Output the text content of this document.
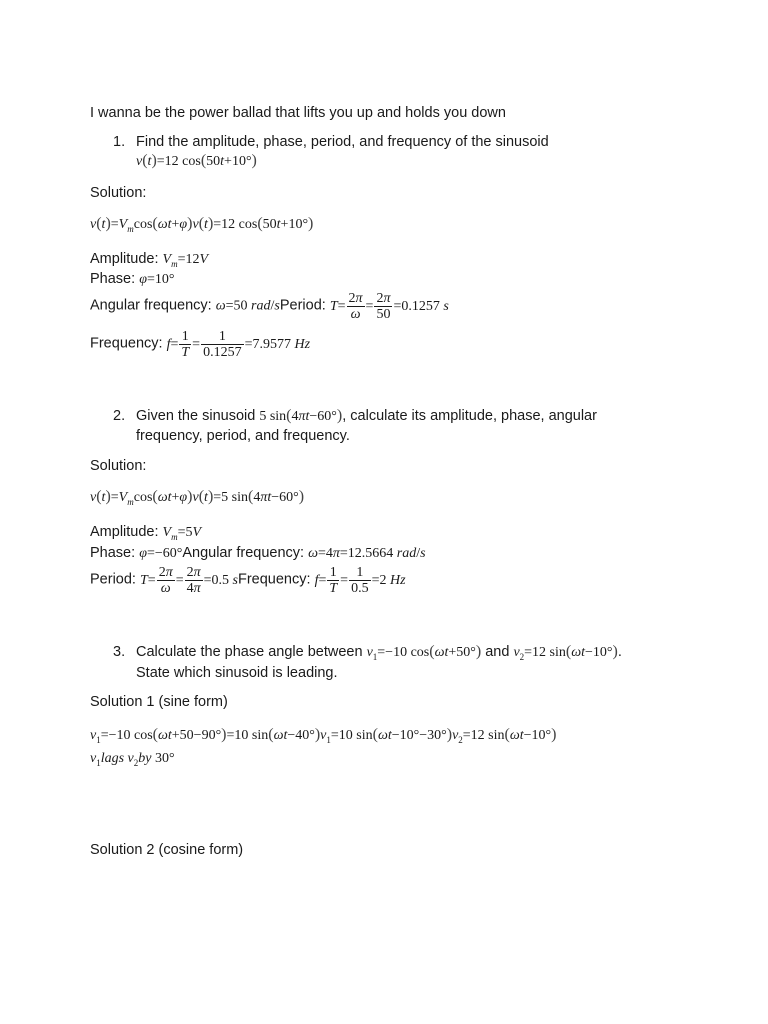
I wanna be the power ballad that lifts you up and holds you down
1. Find the amplitude, phase, period, and frequency of the sinusoid
v(t)=12 cos(50t+10°)
Solution:
$v(t)=V_m\cos(\omega t+\varphi)v(t)=12$ cos(50t+10°)
Amplitude: $V_m=12V$
Phase: φ=10°
Angular frequency: ω=50 rad/sPeriod: $T= \frac{2\pi}{\omega} = \frac{2\pi}{50} =0.1257$ s
Frequency: $f= \frac{1}{T} = \frac{1}{0.1257} =7.9577$ Hz
2. Given the sinusoid 5 sin(4πt−60°), calculate its amplitude, phase, angular
frequency, period, and frequency.
Solution:
$v(t)=V_m\cos(\omega t+\varphi)v(t)=5$ sin(4πt−60°)
Amplitude: $V_m=5V$
Phase: φ=−60°Angular frequency: ω=4π=12.5664 rad/s
Period: $T= \frac{2\pi}{\omega} = \frac{2\pi}{4\pi} =0.5$ sFrequency: $f= \frac{1}{T} = \frac{1}{0.5} =2$ Hz
3. Calculate the phase angle between $v_1=-10$ cos(ωt+50°) and $v_2=12$ sin(ωt−10°).
State which sinusoid is leading.
Solution 1 (sine form)
$v_1=-10$ cos(ωt+50−90°)=10 $\sin(\omega t-40^\circ)v_1=10$ $\sin(\omega t-10^\circ-30^\circ)v_2=12$ sin(ωt−10°)
$v_1lags$ $v_2by$ 30°
Solution 2 (cosine form)
